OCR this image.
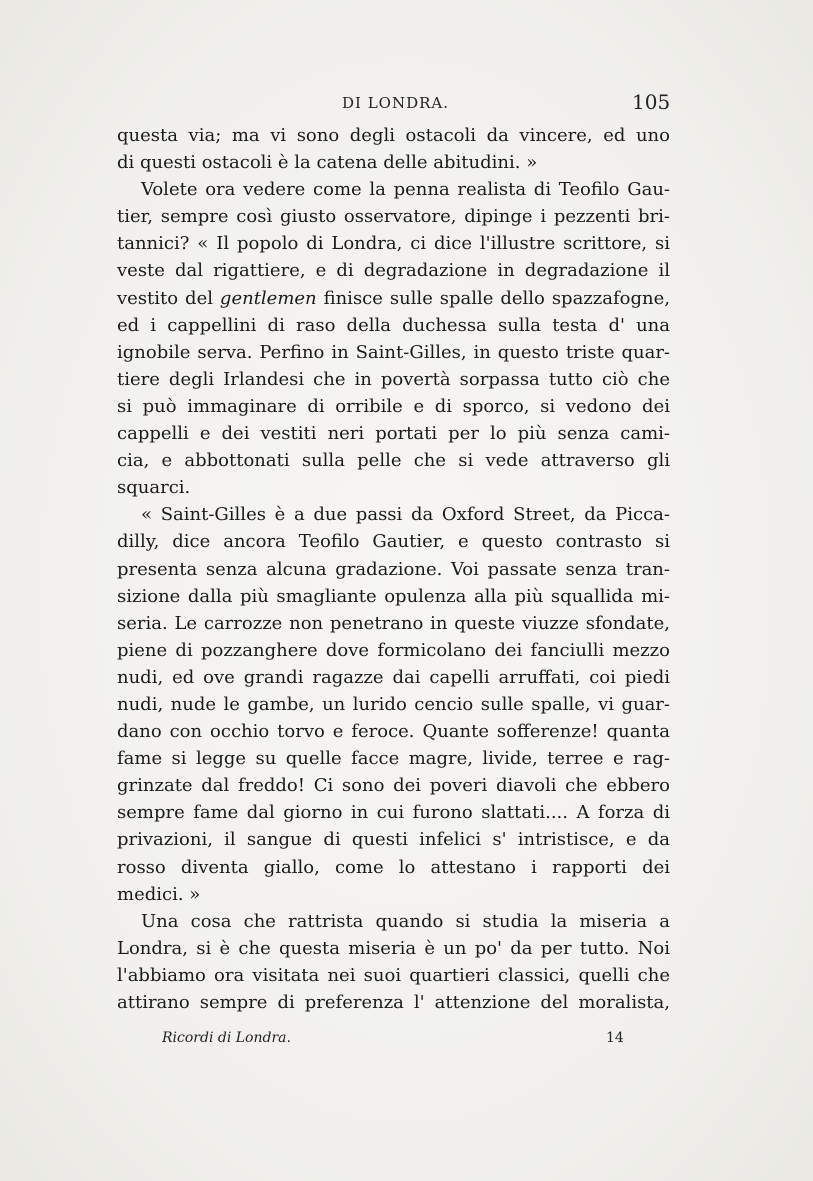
DI LONDRA.	105
questa via; ma vi sono degli ostacoli da vincere, ed uno
di questi ostacoli è la catena delle abitudini. »
Volete ora vedere come la penna realista di Teofilo Gau-
tier, sempre così giusto osservatore, dipinge i pezzenti bri-
tannici? « Il popolo di Londra, ci dice l'illustre scrittore, si
veste dal rigattiere, e di degradazione in degradazione il
vestito del gentlemen finisce sulle spalle dello spazzafogne,
ed i cappellini di raso della duchessa sulla testa d' una
ignobile serva. Perfino in Saint-Gilles, in questo triste quar-
tiere degli Irlandesi che in povertà sorpassa tutto ciò che
si può immaginare di orribile e di sporco, si vedono dei
cappelli e dei vestiti neri portati per lo più senza cami-
cia, e abbottonati sulla pelle che si vede attraverso gli
squarci.
« Saint-Gilles è a due passi da Oxford Street, da Picca-
dilly, dice ancora Teofilo Gautier, e questo contrasto si
presenta senza alcuna gradazione. Voi passate senza tran-
sizione dalla più smagliante opulenza alla più squallida mi-
seria. Le carrozze non penetrano in queste viuzze sfondate,
piene di pozzanghere dove formicolano dei fanciulli mezzo
nudi, ed ove grandi ragazze dai capelli arruffati, coi piedi
nudi, nude le gambe, un lurido cencio sulle spalle, vi guar-
dano con occhio torvo e feroce. Quante sofferenze! quanta
fame si legge su quelle facce magre, livide, terree e rag-
grinzate dal freddo! Ci sono dei poveri diavoli che ebbero
sempre fame dal giorno in cui furono slattati.... A forza di
privazioni, il sangue di questi infelici s' intristisce, e da
rosso diventa giallo, come lo attestano i rapporti dei
medici. »
Una cosa che rattrista quando si studia la miseria a
Londra, si è che questa miseria è un po' da per tutto. Noi
l'abbiamo ora visitata nei suoi quartieri classici, quelli che
attirano sempre di preferenza l' attenzione del moralista,
Ricordi di Londra.	14
